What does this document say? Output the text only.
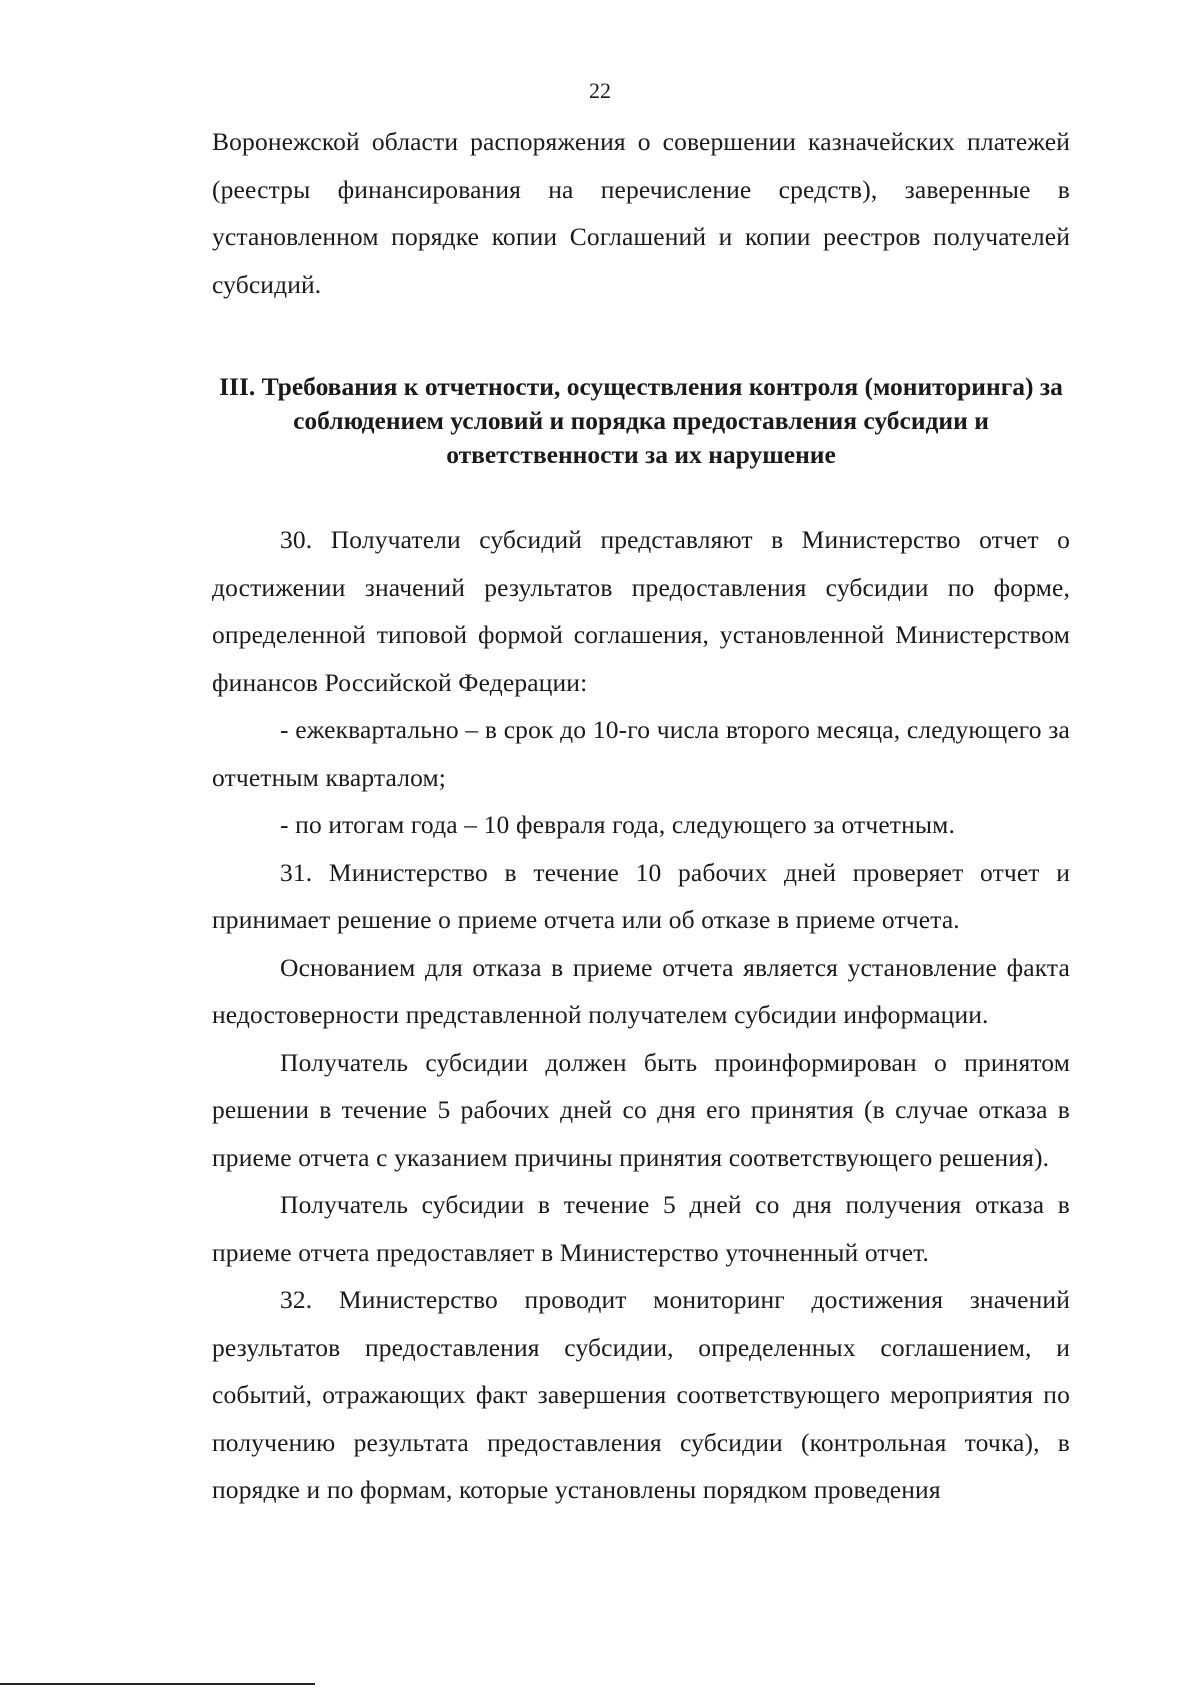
22

Воронежской области распоряжения о совершении казначейских платежей (реестры финансирования на перечисление средств), заверенные в установленном порядке копии Соглашений и копии реестров получателей субсидий.

III. Требования к отчетности, осуществления контроля (мониторинга) за соблюдением условий и порядка предоставления субсидии и ответственности за их нарушение

30. Получатели субсидий представляют в Министерство отчет о достижении значений результатов предоставления субсидии по форме, определенной типовой формой соглашения, установленной Министерством финансов Российской Федерации:

- ежеквартально – в срок до 10-го числа второго месяца, следующего за отчетным кварталом;

- по итогам года – 10 февраля года, следующего за отчетным.

31. Министерство в течение 10 рабочих дней проверяет отчет и принимает решение о приеме отчета или об отказе в приеме отчета.

Основанием для отказа в приеме отчета является установление факта недостоверности представленной получателем субсидии информации.

Получатель субсидии должен быть проинформирован о принятом решении в течение 5 рабочих дней со дня его принятия (в случае отказа в приеме отчета с указанием причины принятия соответствующего решения).

Получатель субсидии в течение 5 дней со дня получения отказа в приеме отчета предоставляет в Министерство уточненный отчет.

32. Министерство проводит мониторинг достижения значений результатов предоставления субсидии, определенных соглашением, и событий, отражающих факт завершения соответствующего мероприятия по получению результата предоставления субсидии (контрольная точка), в порядке и по формам, которые установлены порядком проведения
